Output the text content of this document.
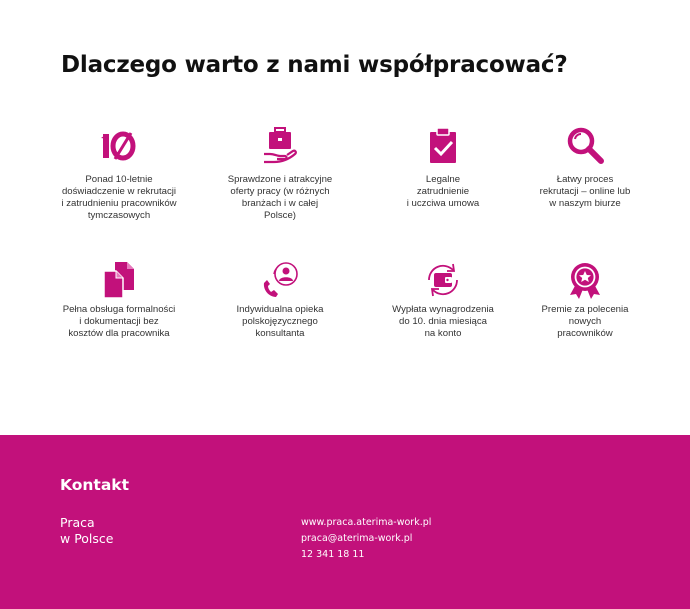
Dlaczego warto z nami współpracować?
Ponad 10-letnie
doświadczenie w rekrutacji
i zatrudnieniu pracowników
tymczasowych
Sprawdzone i atrakcyjne
oferty pracy (w różnych
branżach i w całej
Polsce)
Legalne
zatrudnienie
i uczciwa umowa
Łatwy proces
rekrutacji – online lub
w naszym biurze
Pełna obsługa formalności
i dokumentacji bez
kosztów dla pracownika
Indywidualna opieka
polskojęzycznego
konsultanta
Wypłata wynagrodzenia
do 10. dnia miesiąca
na konto
Premie za polecenia
nowych
pracowników
Kontakt
Praca
w Polsce
www.praca.aterima-work.pl
praca@aterima-work.pl
12 341 18 11
